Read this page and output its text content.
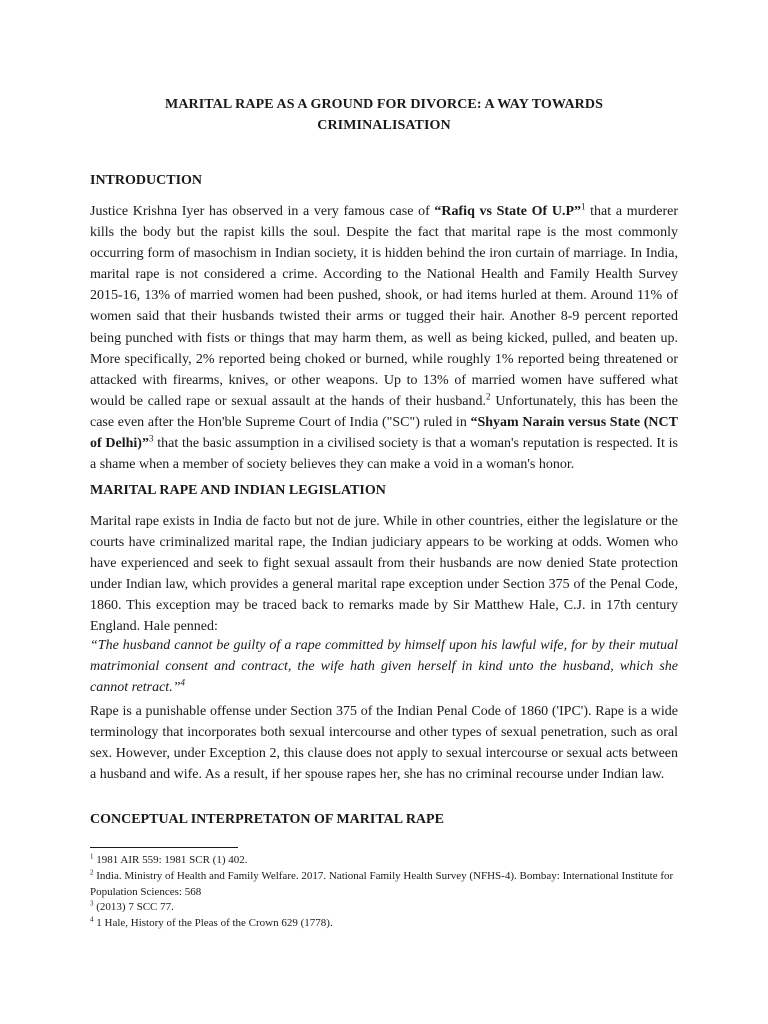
MARITAL RAPE AS A GROUND FOR DIVORCE: A WAY TOWARDS
CRIMINALISATION
INTRODUCTION

Justice Krishna Iyer has observed in a very famous case of “Rafiq vs State Of U.P”$^1$ that a murderer kills the body but the rapist kills the soul. Despite the fact that marital rape is the most commonly occurring form of masochism in Indian society, it is hidden behind the iron curtain of marriage. In India, marital rape is not considered a crime. According to the National Health and Family Health Survey 2015-16, 13% of married women had been pushed, shook, or had items hurled at them. Around 11% of women said that their husbands twisted their arms or tugged their hair. Another 8-9 percent reported being punched with fists or things that may harm them, as well as being kicked, pulled, and beaten up. More specifically, 2% reported being choked or burned, while roughly 1% reported being threatened or attacked with firearms, knives, or other weapons. Up to 13% of married women have suffered what would be called rape or sexual assault at the hands of their husband.$^2$ Unfortunately, this has been the case even after the Hon'ble Supreme Court of India ("SC") ruled in “Shyam Narain versus State (NCT of Delhi)”$^3$ that the basic assumption in a civilised society is that a woman's reputation is respected. It is a shame when a member of society believes they can make a void in a woman's honor.

MARITAL RAPE AND INDIAN LEGISLATION

Marital rape exists in India de facto but not de jure. While in other countries, either the legislature or the courts have criminalized marital rape, the Indian judiciary appears to be working at odds. Women who have experienced and seek to fight sexual assault from their husbands are now denied State protection under Indian law, which provides a general marital rape exception under Section 375 of the Penal Code, 1860. This exception may be traced back to remarks made by Sir Matthew Hale, C.J. in 17th century England. Hale penned:

“The husband cannot be guilty of a rape committed by himself upon his lawful wife, for by their mutual matrimonial consent and contract, the wife hath given herself in kind unto the husband, which she cannot retract.”$^4$

Rape is a punishable offense under Section 375 of the Indian Penal Code of 1860 ('IPC'). Rape is a wide terminology that incorporates both sexual intercourse and other types of sexual penetration, such as oral sex. However, under Exception 2, this clause does not apply to sexual intercourse or sexual acts between a husband and wife. As a result, if her spouse rapes her, she has no criminal recourse under Indian law.

CONCEPTUAL INTERPRETATON OF MARITAL RAPE
$^1$ 1981 AIR 559: 1981 SCR (1) 402.
$^2$ India. Ministry of Health and Family Welfare. 2017. National Family Health Survey (NFHS-4). Bombay: International Institute for Population Sciences: 568
$^3$ (2013) 7 SCC 77.
$^4$ 1 Hale, History of the Pleas of the Crown 629 (1778).
